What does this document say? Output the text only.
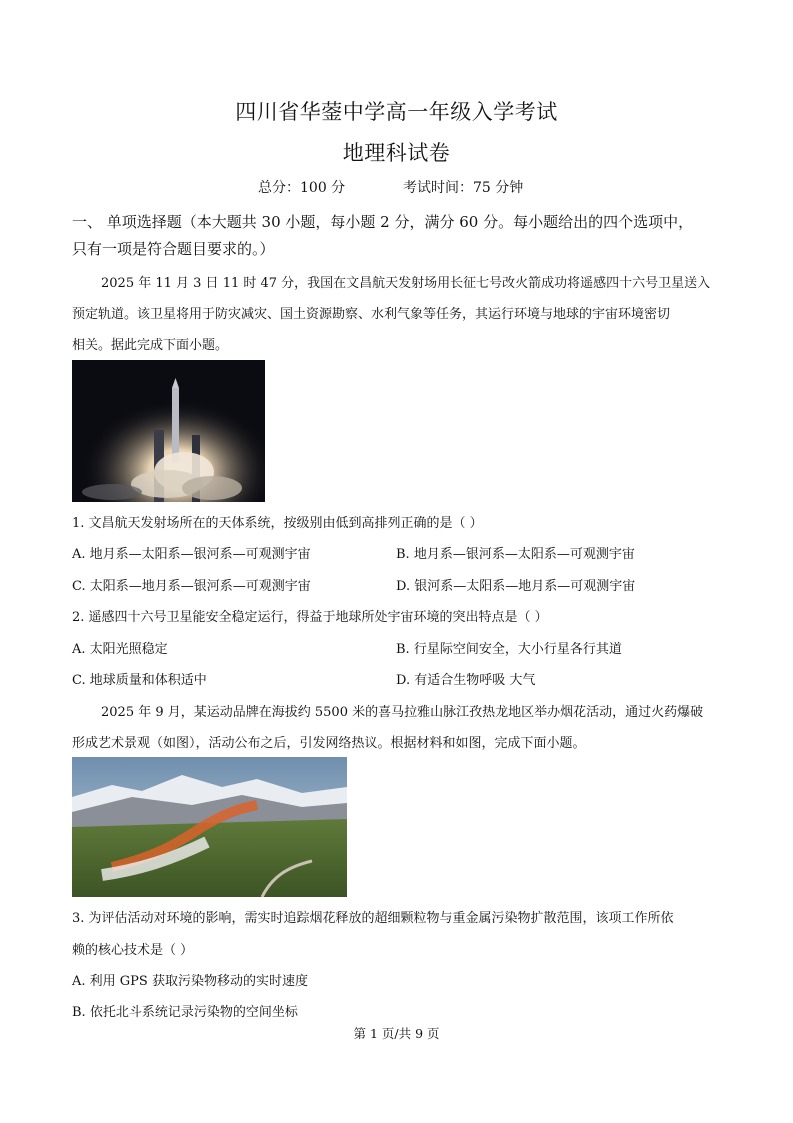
四川省华蓥中学高一年级入学考试
地理科试卷
总分：100 分	考试时间：75 分钟
一、 单项选择题（本大题共 30 小题，每小题 2 分，满分 60 分。每小题给出的四个选项中，
只有一项是符合题目要求的。）
2025 年 11 月 3 日 11 时 47 分，我国在文昌航天发射场用长征七号改火箭成功将遥感四十六号卫星送入
预定轨道。该卫星将用于防灾减灾、国土资源勘察、水利气象等任务，其运行环境与地球的宇宙环境密切
相关。据此完成下面小题。
1. 文昌航天发射场所在的天体系统，按级别由低到高排列正确的是（ ）
A. 地月系—太阳系—银河系—可观测宇宙	B. 地月系—银河系—太阳系—可观测宇宙
C. 太阳系—地月系—银河系—可观测宇宙	D. 银河系—太阳系—地月系—可观测宇宙
2. 遥感四十六号卫星能安全稳定运行，得益于地球所处宇宙环境的突出特点是（ ）
A. 太阳光照稳定	B. 行星际空间安全，大小行星各行其道
C. 地球质量和体积适中	D. 有适合生物呼吸 大气
2025 年 9 月，某运动品牌在海拔约 5500 米的喜马拉雅山脉江孜热龙地区举办烟花活动，通过火药爆破
形成艺术景观（如图），活动公布之后，引发网络热议。根据材料和如图，完成下面小题。
3. 为评估活动对环境的影响，需实时追踪烟花释放的超细颗粒物与重金属污染物扩散范围，该项工作所依
赖的核心技术是（ ）
A. 利用 GPS 获取污染物移动的实时速度
B. 依托北斗系统记录污染物的空间坐标
第 1 页/共 9 页
